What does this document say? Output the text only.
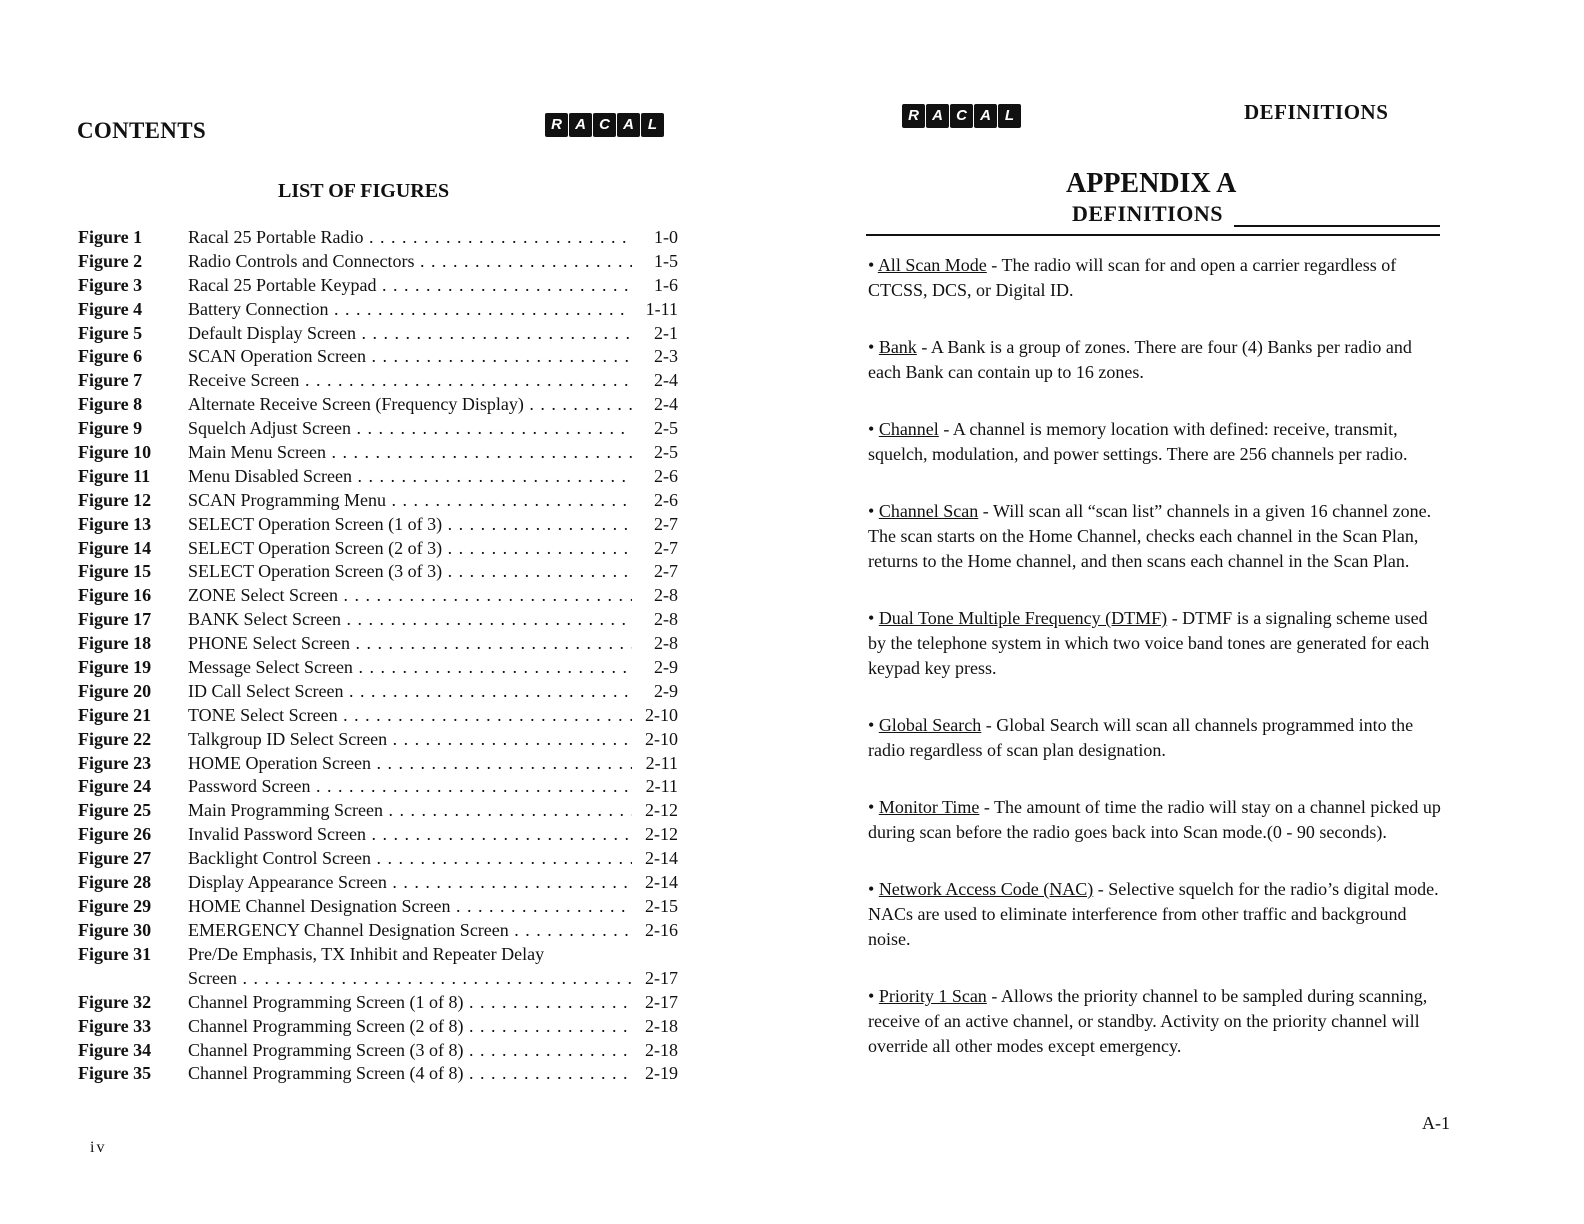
CONTENTS	R A C A L
LIST OF FIGURES
Figure 1	Racal 25 Portable Radio . . .	1-0
Figure 2	Radio Controls and Connectors . . .	1-5
Figure 3	Racal 25 Portable Keypad . . .	1-6
Figure 4	Battery Connection . . .	1-11
Figure 5	Default Display Screen . . .	2-1
Figure 6	SCAN Operation Screen . . .	2-3
Figure 7	Receive Screen . . .	2-4
Figure 8	Alternate Receive Screen (Frequency Display) . . .	2-4
Figure 9	Squelch Adjust Screen . . .	2-5
Figure 10	Main Menu Screen . . .	2-5
Figure 11	Menu Disabled Screen . . .	2-6
Figure 12	SCAN Programming Menu . . .	2-6
Figure 13	SELECT Operation Screen (1 of 3) . . .	2-7
Figure 14	SELECT Operation Screen (2 of 3) . . .	2-7
Figure 15	SELECT Operation Screen (3 of 3) . . .	2-7
Figure 16	ZONE Select Screen . . .	2-8
Figure 17	BANK Select Screen . . .	2-8
Figure 18	PHONE Select Screen . . .	2-8
Figure 19	Message Select Screen . . .	2-9
Figure 20	ID Call Select Screen . . .	2-9
Figure 21	TONE Select Screen . . .	2-10
Figure 22	Talkgroup ID Select Screen . . .	2-10
Figure 23	HOME Operation Screen . . .	2-11
Figure 24	Password Screen . . .	2-11
Figure 25	Main Programming Screen . . .	2-12
Figure 26	Invalid Password Screen . . .	2-12
Figure 27	Backlight Control Screen . . .	2-14
Figure 28	Display Appearance Screen . . .	2-14
Figure 29	HOME Channel Designation Screen . . .	2-15
Figure 30	EMERGENCY Channel Designation Screen . . .	2-16
Figure 31	Pre/De Emphasis, TX Inhibit and Repeater Delay
Screen . . .	2-17
Figure 32	Channel Programming Screen (1 of 8) . . .	2-17
Figure 33	Channel Programming Screen (2 of 8) . . .	2-18
Figure 34	Channel Programming Screen (3 of 8) . . .	2-18
Figure 35	Channel Programming Screen (4 of 8) . . .	2-19
iv
R A C A L	DEFINITIONS
APPENDIX A
DEFINITIONS
• All Scan Mode - The radio will scan for and open a carrier regardless of CTCSS, DCS, or Digital ID.
• Bank - A Bank is a group of zones. There are four (4) Banks per radio and each Bank can contain up to 16 zones.
• Channel - A channel is memory location with defined: receive, transmit, squelch, modulation, and power settings. There are 256 channels per radio.
• Channel Scan - Will scan all “scan list” channels in a given 16 channel zone. The scan starts on the Home Channel, checks each channel in the Scan Plan, returns to the Home channel, and then scans each channel in the Scan Plan.
• Dual Tone Multiple Frequency (DTMF) - DTMF is a signaling scheme used by the telephone system in which two voice band tones are generated for each keypad key press.
• Global Search - Global Search will scan all channels programmed into the radio regardless of scan plan designation.
• Monitor Time - The amount of time the radio will stay on a channel picked up during scan before the radio goes back into Scan mode.(0 - 90 seconds).
• Network Access Code (NAC) - Selective squelch for the radio’s digital mode. NACs are used to eliminate interference from other traffic and background noise.
• Priority 1 Scan - Allows the priority channel to be sampled during scanning, receive of an active channel, or standby. Activity on the priority channel will override all other modes except emergency.
A-1
